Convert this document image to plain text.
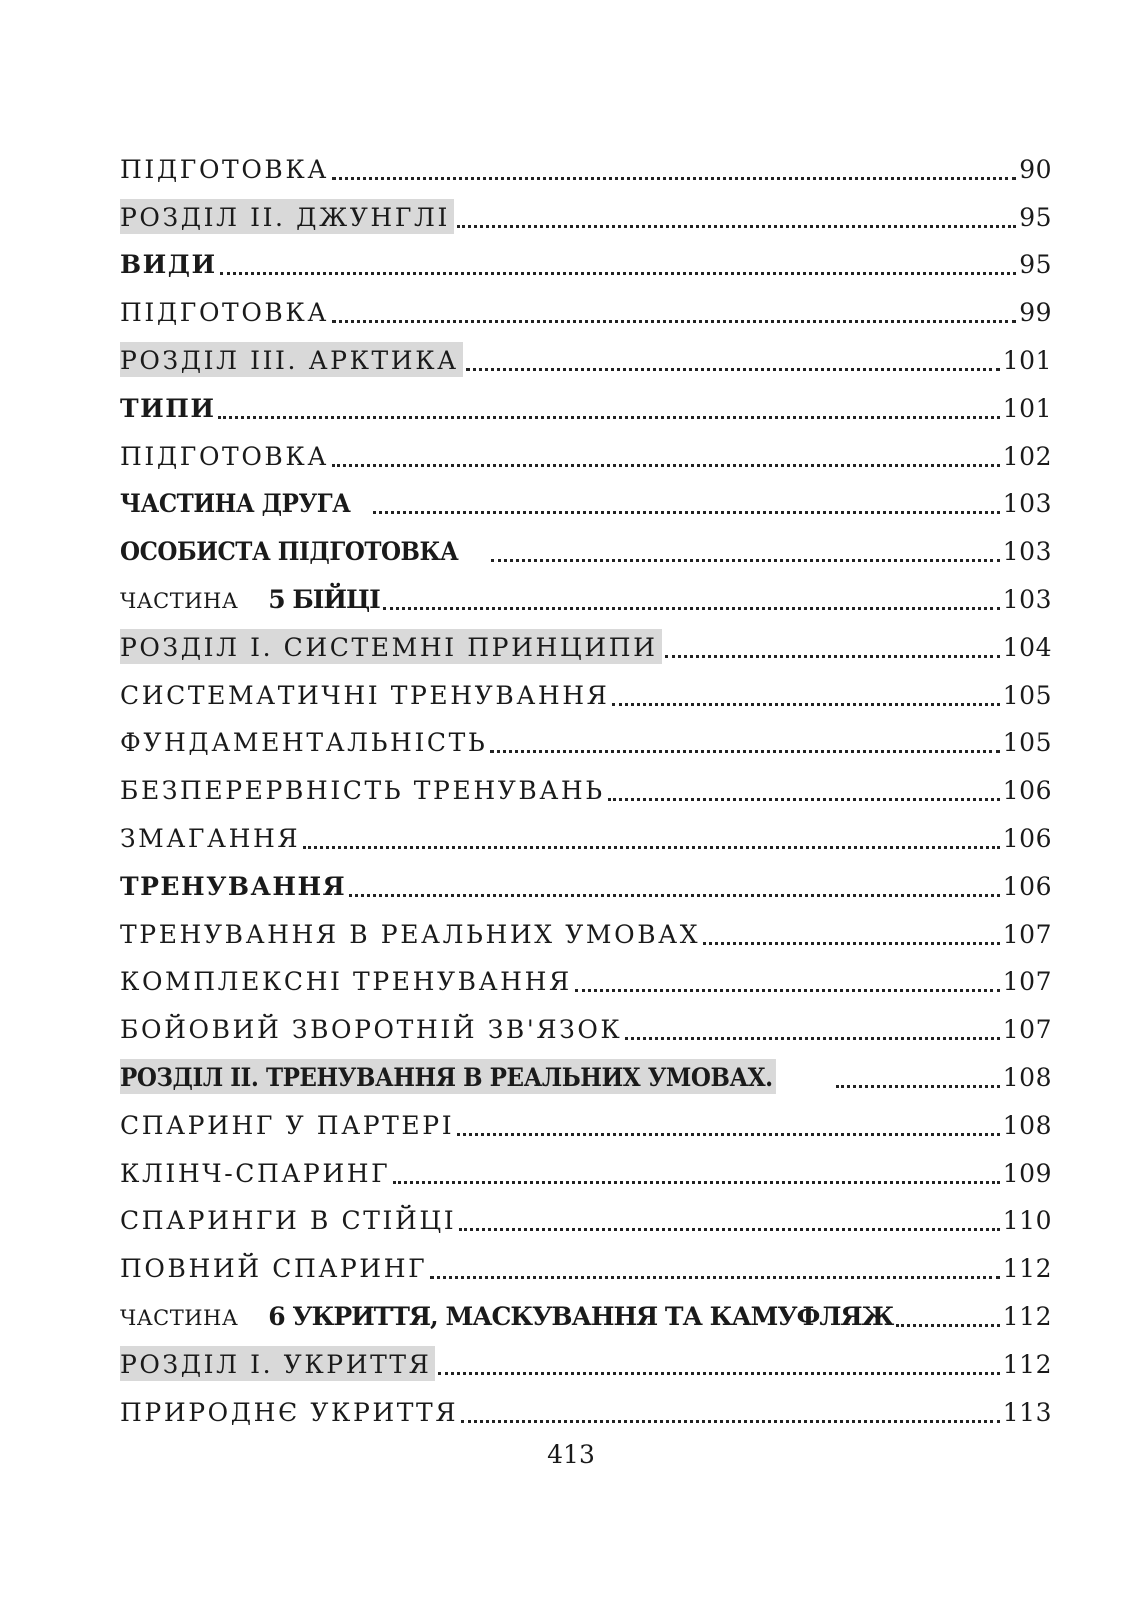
ПІДГОТОВКА	90
РОЗДІЛ ІІ. ДЖУНГЛІ	95
ВИДИ	95
ПІДГОТОВКА	99
РОЗДІЛ ІІІ. АРКТИКА	101
ТИПИ	101
ПІДГОТОВКА	102
ЧАСТИНА ДРУГА	103
ОСОБИСТА ПІДГОТОВКА	103
ЧАСТИНА 5 БІЙЦІ	103
РОЗДІЛ І. СИСТЕМНІ ПРИНЦИПИ	104
СИСТЕМАТИЧНІ ТРЕНУВАННЯ	105
ФУНДАМЕНТАЛЬНІСТЬ	105
БЕЗПЕРЕРВНІСТЬ ТРЕНУВАНЬ	106
ЗМАГАННЯ	106
ТРЕНУВАННЯ	106
ТРЕНУВАННЯ В РЕАЛЬНИХ УМОВАХ	107
КОМПЛЕКСНІ ТРЕНУВАННЯ	107
БОЙОВИЙ ЗВОРОТНІЙ ЗВ'ЯЗОК	107
РОЗДІЛ ІІ. ТРЕНУВАННЯ В РЕАЛЬНИХ УМОВАХ.	108
СПАРИНГ У ПАРТЕРІ	108
КЛІНЧ-СПАРИНГ	109
СПАРИНГИ В СТІЙЦІ	110
ПОВНИЙ СПАРИНГ	112
ЧАСТИНА 6 УКРИТТЯ, МАСКУВАННЯ ТА КАМУФЛЯЖ	112
РОЗДІЛ І. УКРИТТЯ	112
ПРИРОДНЄ УКРИТТЯ	113
413
